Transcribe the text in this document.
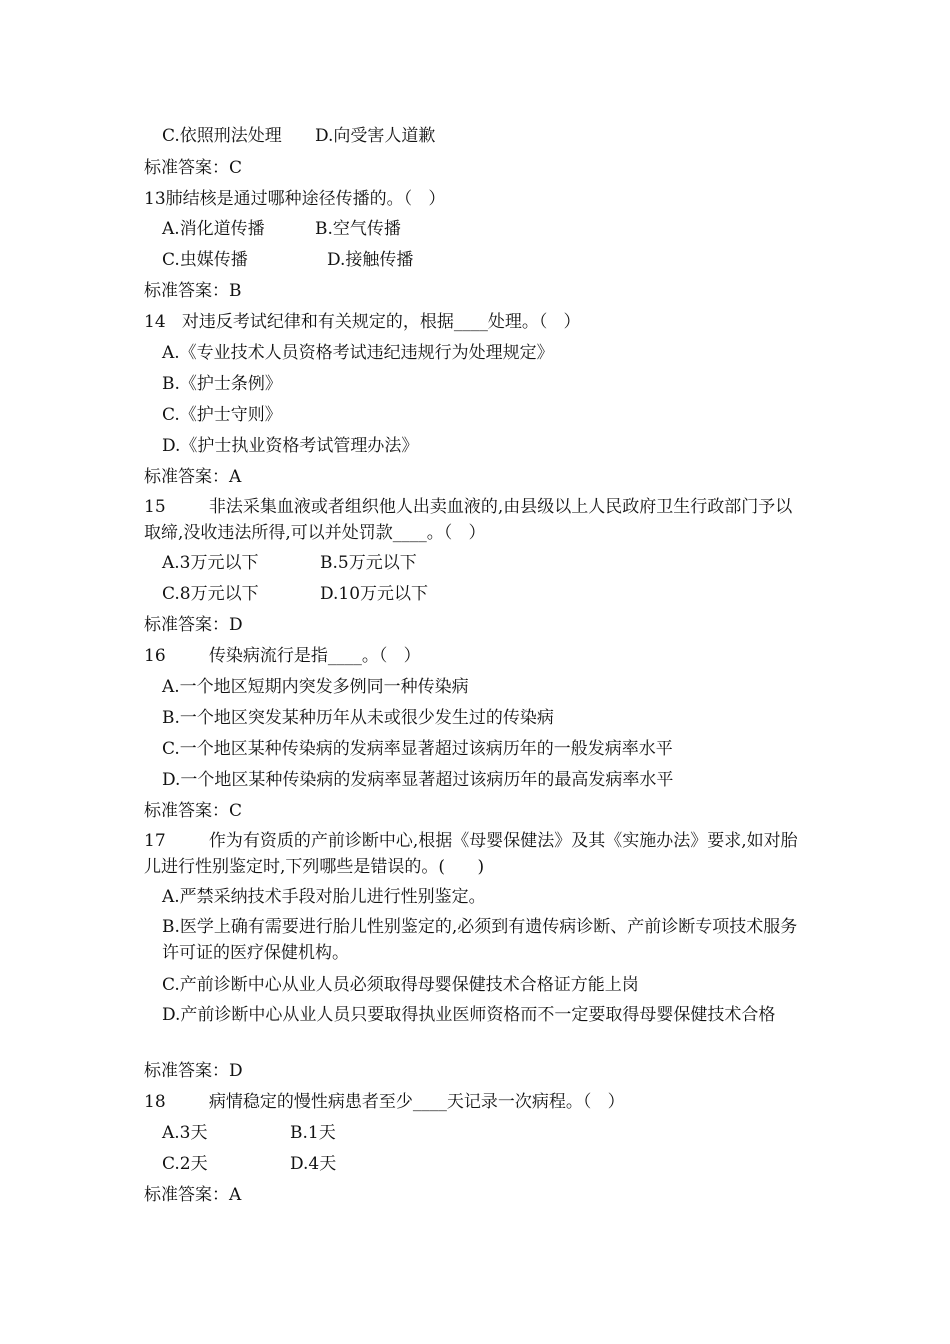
C.依照刑法处理 D.向受害人道歉
标准答案：C
13肺结核是通过哪种途径传播的。（   ）
A.消化道传播	B.空气传播
C.虫媒传播	D.接触传播
标准答案：B
14   对违反考试纪律和有关规定的，根据____处理。（   ）
A.《专业技术人员资格考试违纪违规行为处理规定》
B.《护士条例》
C.《护士守则》
D.《护士执业资格考试管理办法》
标准答案：A
15        非法采集血液或者组织他人出卖血液的,由县级以上人民政府卫生行政部门予以取缔,没收违法所得,可以并处罚款____。（   ）
A.3万元以下	B.5万元以下
C.8万元以下	D.10万元以下
标准答案：D
16        传染病流行是指____。（   ）
A.一个地区短期内突发多例同一种传染病
B.一个地区突发某种历年从未或很少发生过的传染病
C.一个地区某种传染病的发病率显著超过该病历年的一般发病率水平
D.一个地区某种传染病的发病率显著超过该病历年的最高发病率水平
标准答案：C
17        作为有资质的产前诊断中心,根据《母婴保健法》及其《实施办法》要求,如对胎儿进行性别鉴定时,下列哪些是错误的。(      )
A.严禁采纳技术手段对胎儿进行性别鉴定。
B.医学上确有需要进行胎儿性别鉴定的,必须到有遗传病诊断、产前诊断专项技术服务许可证的医疗保健机构。
C.产前诊断中心从业人员必须取得母婴保健技术合格证方能上岗
D.产前诊断中心从业人员只要取得执业医师资格而不一定要取得母婴保健技术合格
标准答案：D
18        病情稳定的慢性病患者至少____天记录一次病程。（   ）
A.3天	B.1天
C.2天	D.4天
标准答案：A
